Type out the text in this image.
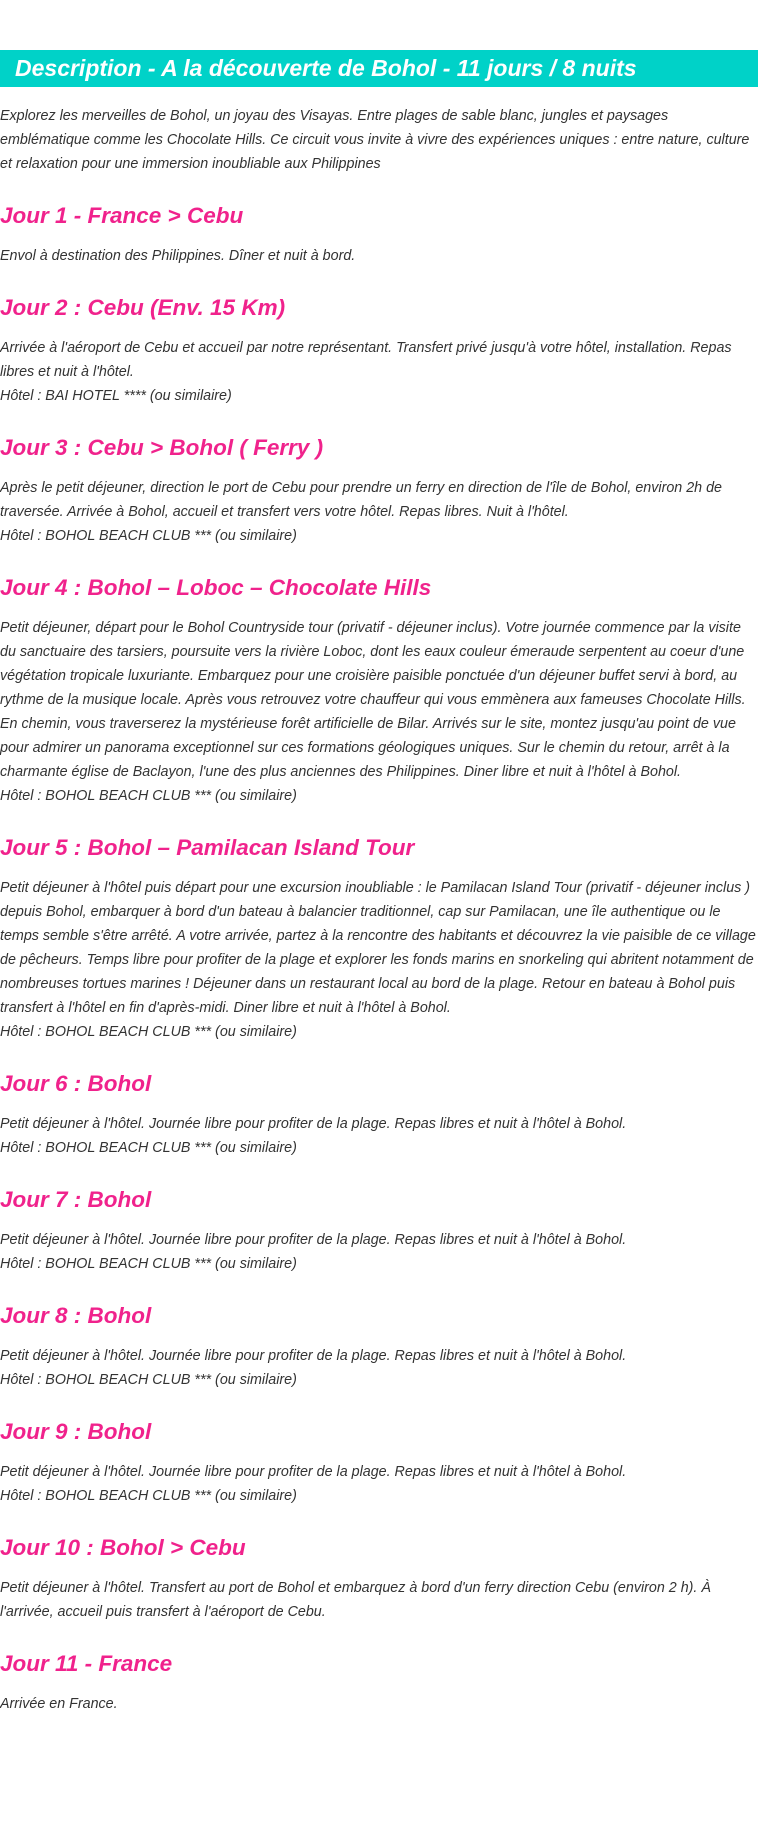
Description - A la découverte de Bohol - 11 jours / 8 nuits

Explorez les merveilles de Bohol, un joyau des Visayas. Entre plages de sable blanc, jungles et paysages emblématique comme les Chocolate Hills. Ce circuit vous invite à vivre des expériences uniques : entre nature, culture et relaxation pour une immersion inoubliable aux Philippines

Jour 1 - France > Cebu

Envol à destination des Philippines. Dîner et nuit à bord.

Jour 2 : Cebu (Env. 15 Km)

Arrivée à l'aéroport de Cebu et accueil par notre représentant. Transfert privé jusqu'à votre hôtel, installation. Repas libres et nuit à l'hôtel.

Hôtel : BAI HOTEL **** (ou similaire)

Jour 3 : Cebu > Bohol ( Ferry )

Après le petit déjeuner, direction le port de Cebu pour prendre un ferry en direction de l'île de Bohol, environ 2h de traversée. Arrivée à Bohol, accueil et transfert vers votre hôtel. Repas libres. Nuit à l'hôtel.

Hôtel : BOHOL BEACH CLUB *** (ou similaire)

Jour 4 : Bohol – Loboc – Chocolate Hills

Petit déjeuner, départ pour le Bohol Countryside tour (privatif - déjeuner inclus). Votre journée commence par la visite du sanctuaire des tarsiers, poursuite vers la rivière Loboc, dont les eaux couleur émeraude serpentent au coeur d'une végétation tropicale luxuriante. Embarquez pour une croisière paisible ponctuée d'un déjeuner buffet servi à bord, au rythme de la musique locale. Après vous retrouvez votre chauffeur qui vous emmènera aux fameuses Chocolate Hills. En chemin, vous traverserez la mystérieuse forêt artificielle de Bilar. Arrivés sur le site, montez jusqu'au point de vue pour admirer un panorama exceptionnel sur ces formations géologiques uniques. Sur le chemin du retour, arrêt à la charmante église de Baclayon, l'une des plus anciennes des Philippines. Diner libre et nuit à l'hôtel à Bohol.

Hôtel : BOHOL BEACH CLUB *** (ou similaire)

Jour 5 : Bohol – Pamilacan Island Tour

Petit déjeuner à l'hôtel puis départ pour une excursion inoubliable : le Pamilacan Island Tour (privatif - déjeuner inclus ) depuis Bohol, embarquer à bord d'un bateau à balancier traditionnel, cap sur Pamilacan, une île authentique ou le temps semble s'être arrêté. A votre arrivée, partez à la rencontre des habitants et découvrez la vie paisible de ce village de pêcheurs. Temps libre pour profiter de la plage et explorer les fonds marins en snorkeling qui abritent notamment de nombreuses tortues marines ! Déjeuner dans un restaurant local au bord de la plage. Retour en bateau à Bohol puis transfert à l'hôtel en fin d'après-midi. Diner libre et nuit à l'hôtel à Bohol.

Hôtel : BOHOL BEACH CLUB *** (ou similaire)

Jour 6 : Bohol

Petit déjeuner à l'hôtel. Journée libre pour profiter de la plage. Repas libres et nuit à l'hôtel à Bohol.

Hôtel : BOHOL BEACH CLUB *** (ou similaire)

Jour 7 : Bohol

Petit déjeuner à l'hôtel. Journée libre pour profiter de la plage. Repas libres et nuit à l'hôtel à Bohol.

Hôtel : BOHOL BEACH CLUB *** (ou similaire)

Jour 8 : Bohol

Petit déjeuner à l'hôtel. Journée libre pour profiter de la plage. Repas libres et nuit à l'hôtel à Bohol.

Hôtel : BOHOL BEACH CLUB *** (ou similaire)

Jour 9 : Bohol

Petit déjeuner à l'hôtel. Journée libre pour profiter de la plage. Repas libres et nuit à l'hôtel à Bohol.

Hôtel : BOHOL BEACH CLUB *** (ou similaire)

Jour 10 : Bohol > Cebu

Petit déjeuner à l'hôtel. Transfert au port de Bohol et embarquez à bord d'un ferry direction Cebu (environ 2 h). À l'arrivée, accueil puis transfert à l'aéroport de Cebu.

Jour 11 - France

Arrivée en France.
